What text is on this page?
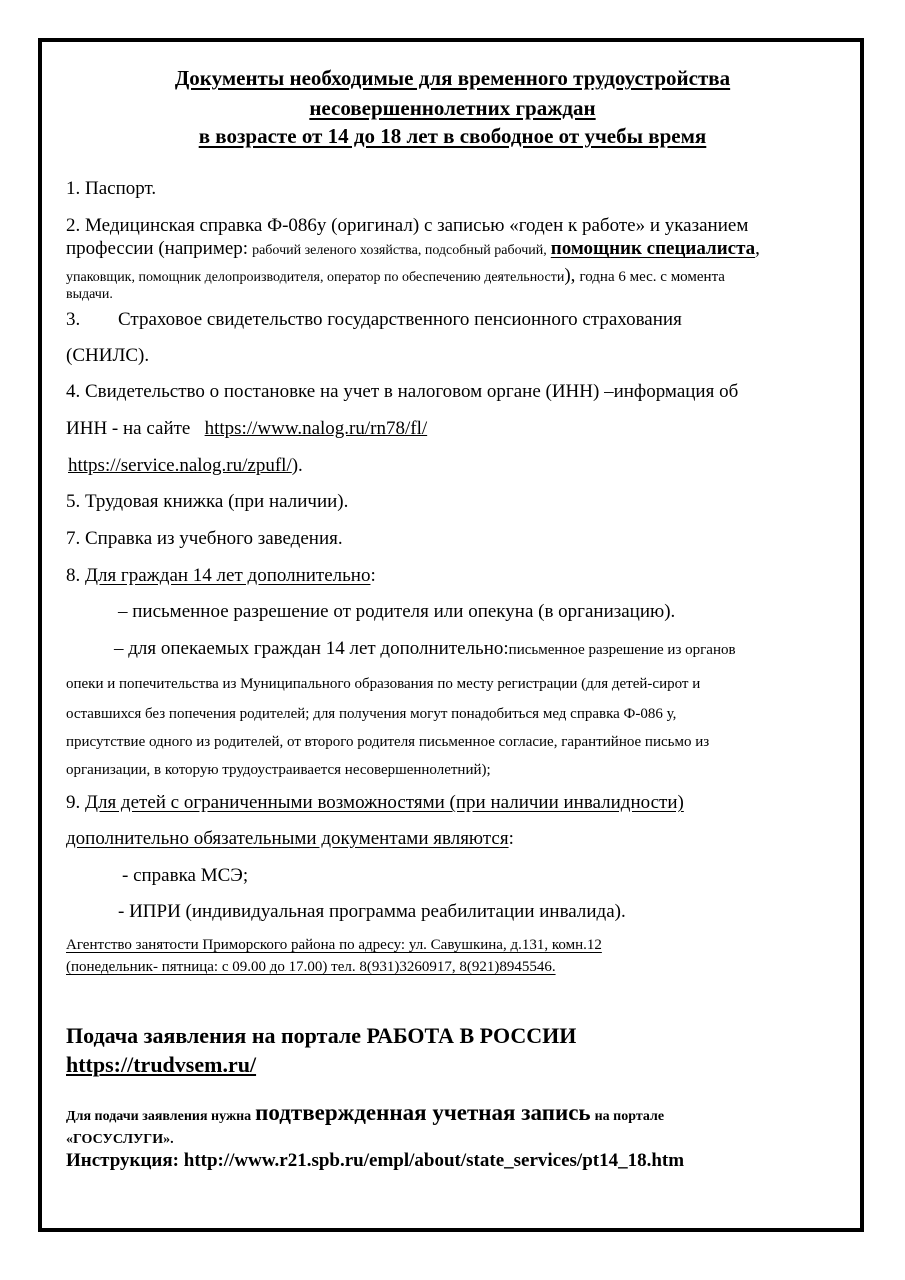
Документы необходимые для временного трудоустройства
несовершеннолетних граждан
в возрасте от 14 до 18 лет в свободное от учебы время

1. Паспорт.

2. Медицинская справка Ф-086у (оригинал) с записью «годен к работе» и указанием

профессии (например: рабочий зеленого хозяйства, подсобный рабочий, помощник специалиста,

упаковщик, помощник делопроизводителя, оператор по обеспечению деятельности), годна 6 мес. с момента

выдачи.

3. Страховое свидетельство государственного пенсионного страхования

(СНИЛС).

4. Свидетельство о постановке на учет в налоговом органе (ИНН) –информация об

ИНН - на сайте https://www.nalog.ru/rn78/fl/

https://service.nalog.ru/zpufl/).

5. Трудовая книжка (при наличии).

7. Справка из учебного заведения.

8. Для граждан 14 лет дополнительно:

– письменное разрешение от родителя или опекуна (в организацию).

– для опекаемых граждан 14 лет дополнительно:письменное разрешение из органов

опеки и попечительства из Муниципального образования по месту регистрации (для детей-сирот и

оставшихся без попечения родителей; для получения могут понадобиться мед справка Ф-086 у,

присутствие одного из родителей, от второго родителя письменное согласие, гарантийное письмо из

организации, в которую трудоустраивается несовершеннолетний);

9. Для детей с ограниченными возможностями (при наличии инвалидности)

дополнительно обязательными документами являются:

- справка МСЭ;

- ИПРИ (индивидуальная программа реабилитации инвалида).

Агентство занятости Приморского района по адресу: ул. Савушкина, д.131, комн.12

(понедельник- пятница: с 09.00 до 17.00) тел. 8(931)3260917, 8(921)8945546.

Подача заявления на портале РАБОТА В РОССИИ

https://trudvsem.ru/

Для подачи заявления нужна подтвержденная учетная запись на портале

«ГОСУСЛУГИ».

Инструкция: http://www.r21.spb.ru/empl/about/state_services/pt14_18.htm
